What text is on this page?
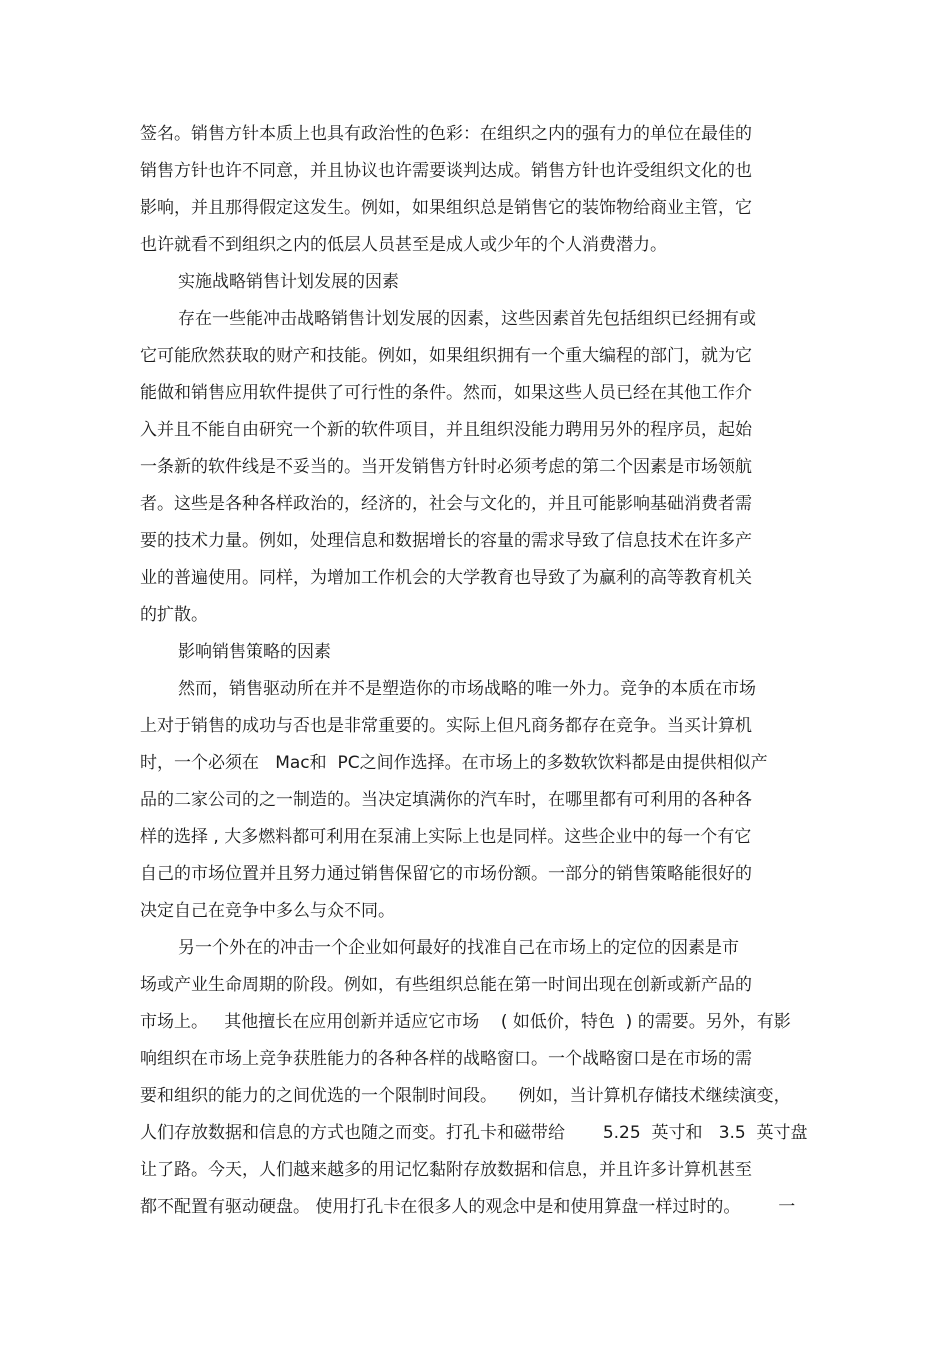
签名。销售方针本质上也具有政治性的色彩：在组织之内的强有力的单位在最佳的
销售方针也许不同意，并且协议也许需要谈判达成。销售方针也许受组织文化的也
影响，并且那得假定这发生。例如，如果组织总是销售它的装饰物给商业主管，它
也许就看不到组织之内的低层人员甚至是成人或少年的个人消费潜力。
实施战略销售计划发展的因素
存在一些能冲击战略销售计划发展的因素，这些因素首先包括组织已经拥有或
它可能欣然获取的财产和技能。例如，如果组织拥有一个重大编程的部门，就为它
能做和销售应用软件提供了可行性的条件。然而，如果这些人员已经在其他工作介
入并且不能自由研究一个新的软件项目，并且组织没能力聘用另外的程序员，起始
一条新的软件线是不妥当的。当开发销售方针时必须考虑的第二个因素是市场领航
者。这些是各种各样政治的，经济的，社会与文化的，并且可能影响基础消费者需
要的技术力量。例如，处理信息和数据增长的容量的需求导致了信息技术在许多产
业的普遍使用。同样，为增加工作机会的大学教育也导致了为赢利的高等教育机关
的扩散。
影响销售策略的因素
然而，销售驱动所在并不是塑造你的市场战略的唯一外力。竞争的本质在市场
上对于销售的成功与否也是非常重要的。实际上但凡商务都存在竞争。当买计算机
时，一个必须在   Mac和  PC之间作选择。在市场上的多数软饮料都是由提供相似产
品的二家公司的之一制造的。当决定填满你的汽车时，在哪里都有可利用的各种各
样的选择 , 大多燃料都可利用在泵浦上实际上也是同样。这些企业中的每一个有它
自己的市场位置并且努力通过销售保留它的市场份额。一部分的销售策略能很好的
决定自己在竞争中多么与众不同。
另一个外在的冲击一个企业如何最好的找准自己在市场上的定位的因素是市
场或产业生命周期的阶段。例如，有些组织总能在第一时间出现在创新或新产品的
市场上。   其他擅长在应用创新并适应它市场    ( 如低价，特色  ) 的需要。另外，有影
响组织在市场上竞争获胜能力的各种各样的战略窗口。一个战略窗口是在市场的需
要和组织的能力的之间优选的一个限制时间段。    例如，当计算机存储技术继续演变，
人们存放数据和信息的方式也随之而变。打孔卡和磁带给       5.25  英寸和   3.5  英寸盘
让了路。今天，人们越来越多的用记忆黏附存放数据和信息，并且许多计算机甚至
都不配置有驱动硬盘。 使用打孔卡在很多人的观念中是和使用算盘一样过时的。       一
